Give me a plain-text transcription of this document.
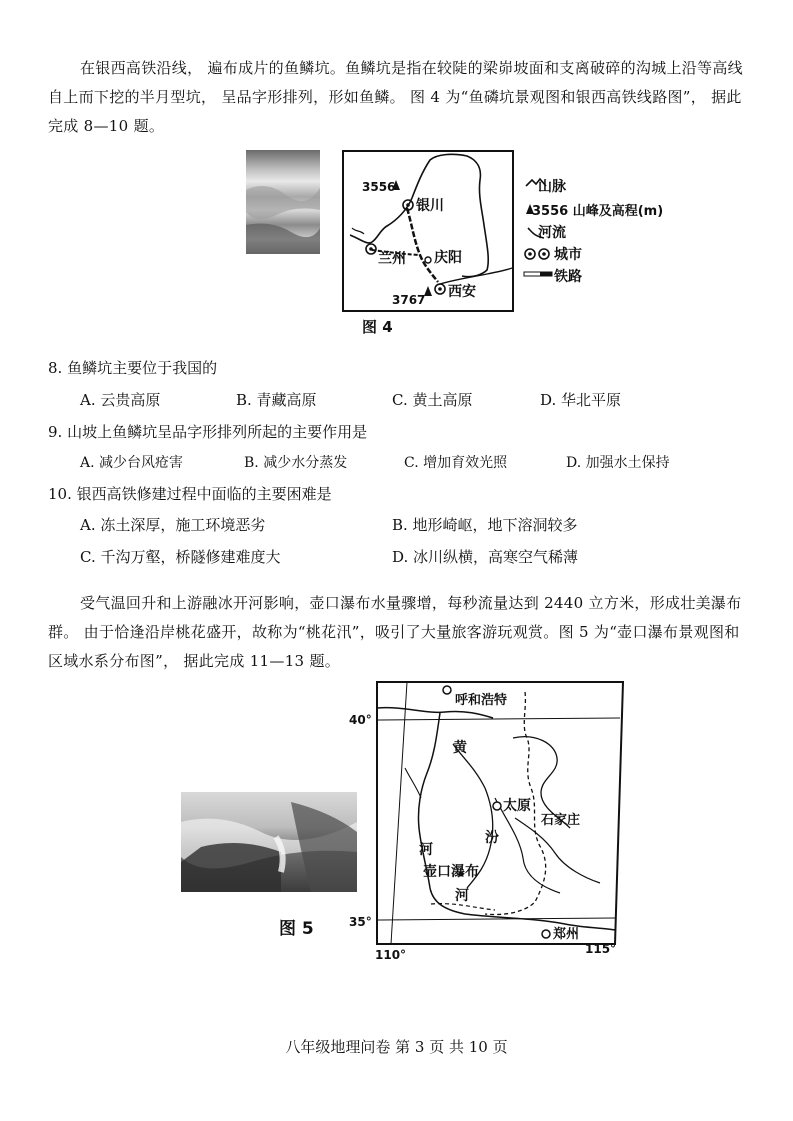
在银西高铁沿线， 遍布成片的鱼鳞坑。鱼鳞坑是指在较陡的梁峁坡面和支离破碎的沟城上沿等高线自上而下挖的半月型坑， 呈品字形排列，形如鱼鳞。 图 4 为“鱼磷坑景观图和银西高铁线路图”， 据此完成 8—10 题。
3556
银川
兰州 庆阳
3767 西安
山脉
3556 山峰及高程(m)
河流
城市
铁路
图 4
8. 鱼鳞坑主要位于我国的
A. 云贵高原	B. 青藏高原	C. 黄土高原	D. 华北平原
9. 山坡上鱼鳞坑呈品字形排列所起的主要作用是
A. 减少台风疮害	B. 减少水分蒸发	C. 增加育效光照	D. 加强水土保持
10. 银西高铁修建过程中面临的主要困难是
A. 冻土深厚，施工环境恶劣	B. 地形崎岖，地下溶洞较多
C. 千沟万壑，桥隧修建难度大	D. 冰川纵横，高寒空气稀薄
受气温回升和上游融冰开河影响，壶口瀑布水量骤增，每秒流量达到 2440 立方米，形成壮美瀑布群。 由于恰逢沿岸桃花盛开，故称为“桃花汛”，吸引了大量旅客游玩观赏。图 5 为“壶口瀑布景观图和区域水系分布图”， 据此完成 11—13 题。
图 5
呼和浩特
黄
河
太原
汾
石家庄
壶口瀑布
河
郑州
40°
35°
110°	115°
八年级地理问卷 第 3 页 共 10 页
